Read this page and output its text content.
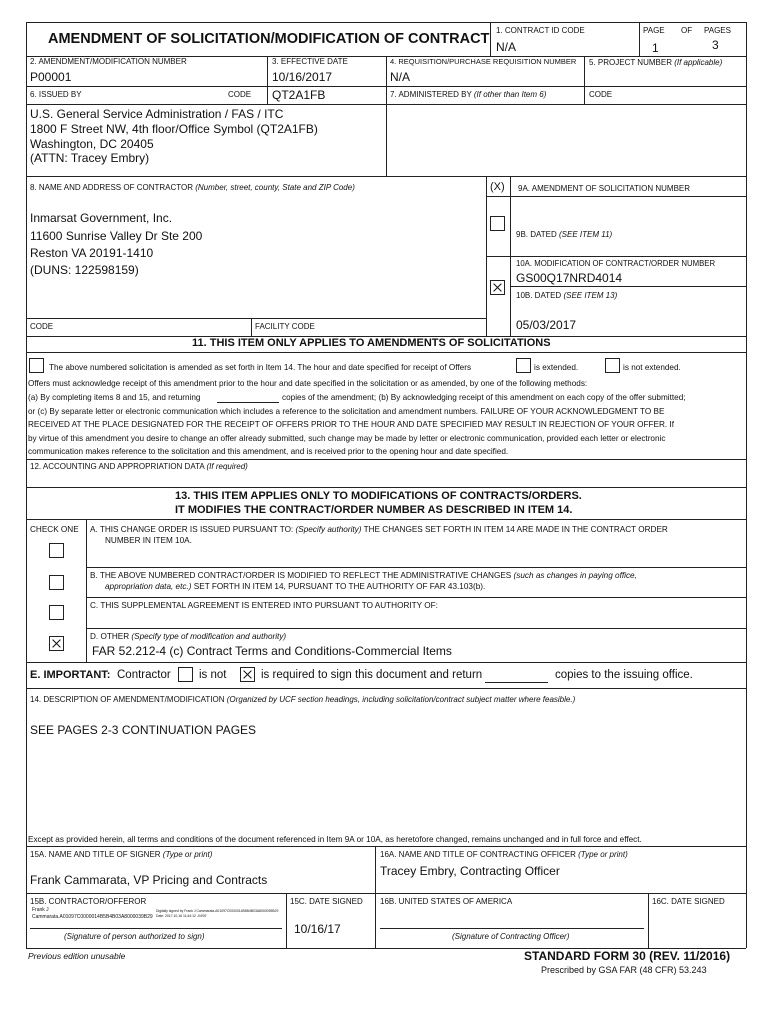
AMENDMENT OF SOLICITATION/MODIFICATION OF CONTRACT
1. CONTRACT ID CODE
N/A
PAGE OF PAGES
1	3
2. AMENDMENT/MODIFICATION NUMBER
P00001
3. EFFECTIVE DATE
10/16/2017
4. REQUISITION/PURCHASE REQUISITION NUMBER
N/A
5. PROJECT NUMBER (If applicable)
6. ISSUED BY	CODE QT2A1FB	7. ADMINISTERED BY (If other than Item 6)	CODE
U.S. General Service Administration / FAS / ITC
1800 F Street NW, 4th floor/Office Symbol (QT2A1FB)
Washington, DC 20405
(ATTN: Tracey Embry)
8. NAME AND ADDRESS OF CONTRACTOR (Number, street, county, State and ZIP Code)	(X) 9A. AMENDMENT OF SOLICITATION NUMBER
Inmarsat Government, Inc.
11600 Sunrise Valley Dr Ste 200
Reston VA 20191-1410
(DUNS: 122598159)
9B. DATED (SEE ITEM 11)
10A. MODIFICATION OF CONTRACT/ORDER NUMBER
GS00Q17NRD4014
10B. DATED (SEE ITEM 13)
05/03/2017
CODE	FACILITY CODE
11. THIS ITEM ONLY APPLIES TO AMENDMENTS OF SOLICITATIONS
The above numbered solicitation is amended as set forth in Item 14. The hour and date specified for receipt of Offers	is extended.	is not extended.
Offers must acknowledge receipt of this amendment prior to the hour and date specified in the solicitation or as amended, by one of the following methods:
(a) By completing items 8 and 15, and returning	copies of the amendment; (b) By acknowledging receipt of this amendment on each copy of the offer submitted;
or (c) By separate letter or electronic communication which includes a reference to the solicitation and amendment numbers. FAILURE OF YOUR ACKNOWLEDGMENT TO BE
RECEIVED AT THE PLACE DESIGNATED FOR THE RECEIPT OF OFFERS PRIOR TO THE HOUR AND DATE SPECIFIED MAY RESULT IN REJECTION OF YOUR OFFER. If
by virtue of this amendment you desire to change an offer already submitted, such change may be made by letter or electronic communication, provided each letter or electronic
communication makes reference to the solicitation and this amendment, and is received prior to the opening hour and date specified.
12. ACCOUNTING AND APPROPRIATION DATA (If required)
13. THIS ITEM APPLIES ONLY TO MODIFICATIONS OF CONTRACTS/ORDERS.
IT MODIFIES THE CONTRACT/ORDER NUMBER AS DESCRIBED IN ITEM 14.
CHECK ONE A. THIS CHANGE ORDER IS ISSUED PURSUANT TO: (Specify authority) THE CHANGES SET FORTH IN ITEM 14 ARE MADE IN THE CONTRACT ORDER
NUMBER IN ITEM 10A.
B. THE ABOVE NUMBERED CONTRACT/ORDER IS MODIFIED TO REFLECT THE ADMINISTRATIVE CHANGES (such as changes in paying office,
appropriation data, etc.) SET FORTH IN ITEM 14, PURSUANT TO THE AUTHORITY OF FAR 43.103(b).
C. THIS SUPPLEMENTAL AGREEMENT IS ENTERED INTO PURSUANT TO AUTHORITY OF:
D. OTHER (Specify type of modification and authority)
FAR 52.212-4 (c) Contract Terms and Conditions-Commercial Items
E. IMPORTANT: Contractor is not	is required to sign this document and return	copies to the issuing office.
14. DESCRIPTION OF AMENDMENT/MODIFICATION (Organized by UCF section headings, including solicitation/contract subject matter where feasible.)
SEE PAGES 2-3 CONTINUATION PAGES
Except as provided herein, all terms and conditions of the document referenced in Item 9A or 10A, as heretofore changed, remains unchanged and in full force and effect.
15A. NAME AND TITLE OF SIGNER (Type or print)
Frank Cammarata, VP Pricing and Contracts
16A. NAME AND TITLE OF CONTRACTING OFFICER (Type or print)
Tracey Embry, Contracting Officer
15B. CONTRACTOR/OFFEROR	15C. DATE SIGNED 16B. UNITED STATES OF AMERICA	16C. DATE SIGNED
Frank J
Cammarata.A01097C0000014B5B4B03A8000039B29
Digitally signed by Frank J Cammarata.A01097C0000014B5B4B03A8000039B29
Date: 2017.10.16 11:44:12 -04'00'
10/16/17
(Signature of person authorized to sign)	(Signature of Contracting Officer)
Previous edition unusable	STANDARD FORM 30 (REV. 11/2016)
Prescribed by GSA FAR (48 CFR) 53.243
